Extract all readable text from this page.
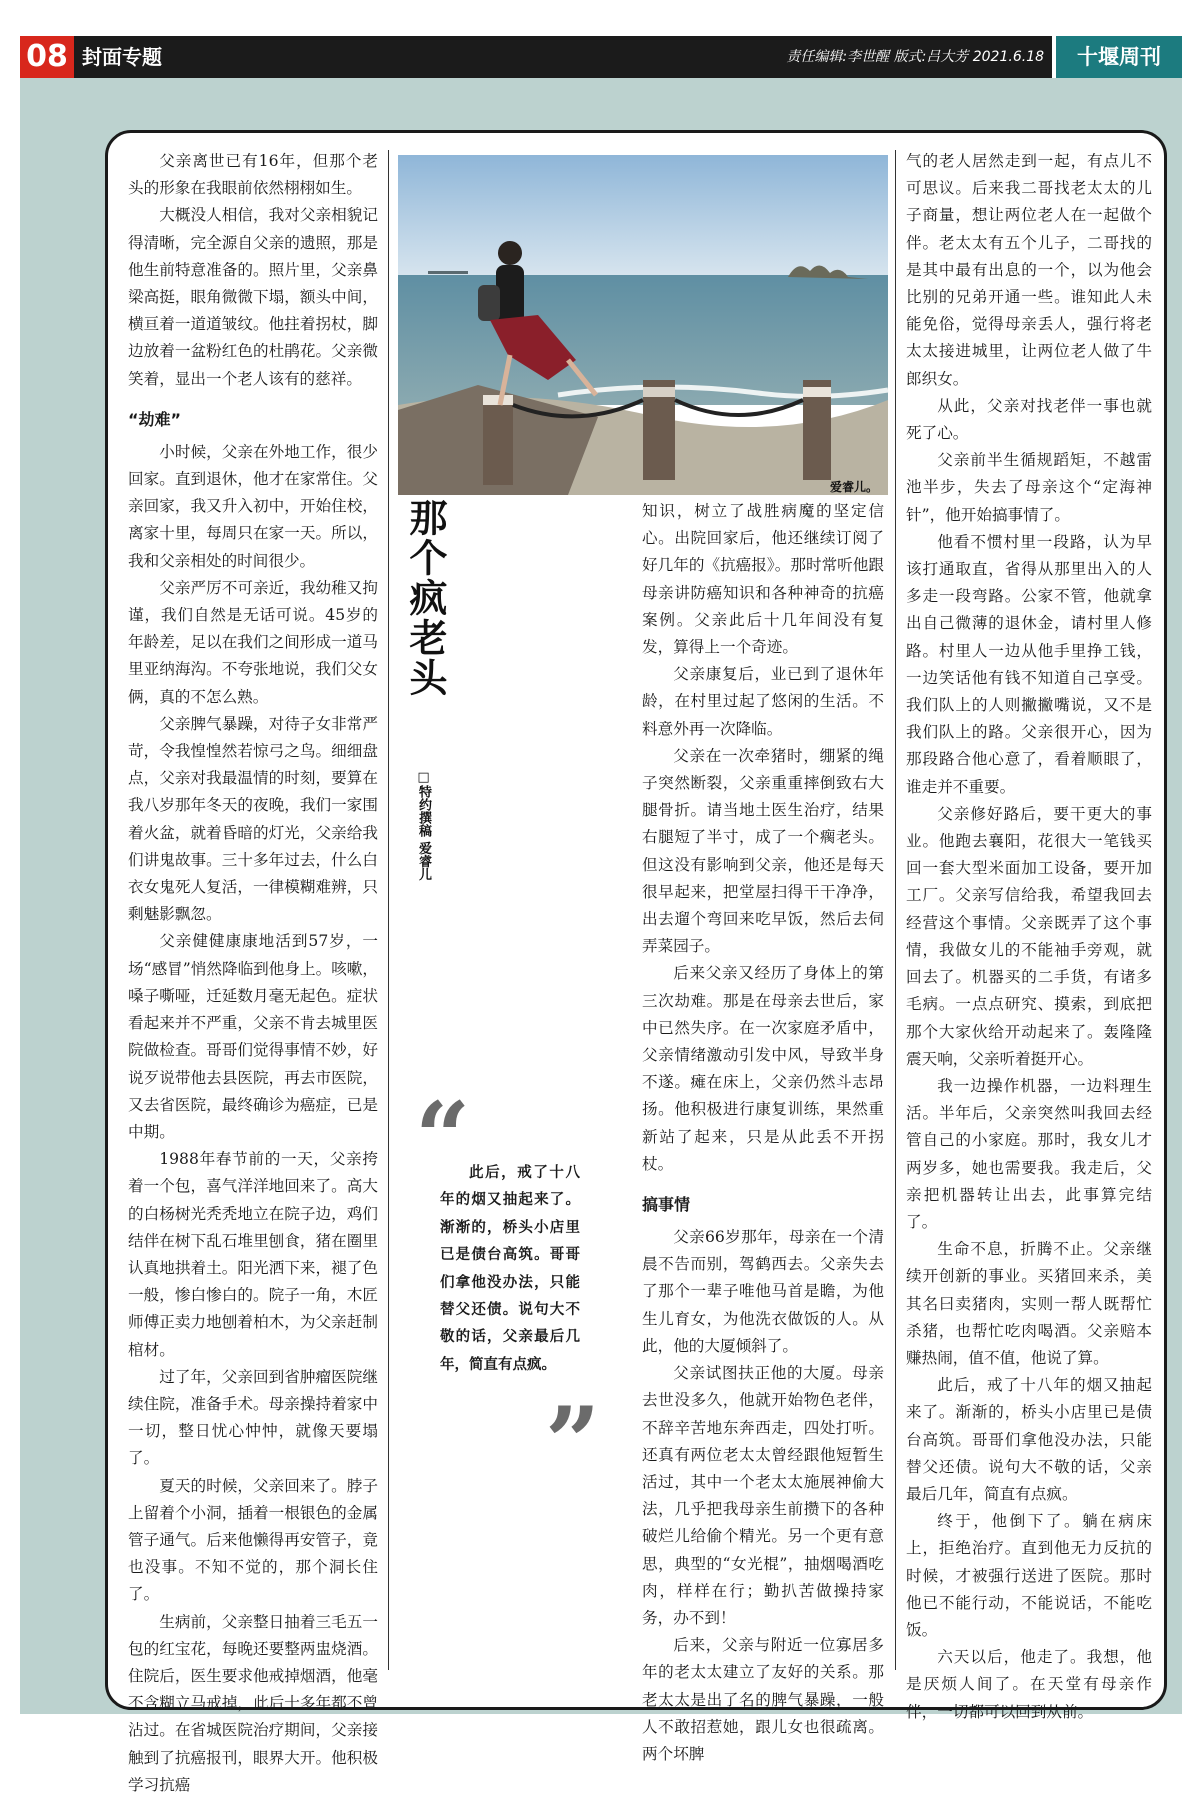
08 封面专题	责任编辑:李世醒 版式:吕大芳 2021.6.18	十堰周刊

父亲离世已有16年，但那个老头的形象在我眼前依然栩栩如生。

大概没人相信，我对父亲相貌记得清晰，完全源自父亲的遗照，那是他生前特意准备的。照片里，父亲鼻梁高挺，眼角微微下塌，额头中间，横亘着一道道皱纹。他拄着拐杖，脚边放着一盆粉红色的杜鹃花。父亲微笑着，显出一个老人该有的慈祥。

“劫难”

小时候，父亲在外地工作，很少回家。直到退休，他才在家常住。父亲回家，我又升入初中，开始住校，离家十里，每周只在家一天。所以，我和父亲相处的时间很少。

父亲严厉不可亲近，我幼稚又拘谨，我们自然是无话可说。45岁的年龄差，足以在我们之间形成一道马里亚纳海沟。不夸张地说，我们父女俩，真的不怎么熟。

父亲脾气暴躁，对待子女非常严苛，令我惶惶然若惊弓之鸟。细细盘点，父亲对我最温情的时刻，要算在我八岁那年冬天的夜晚，我们一家围着火盆，就着昏暗的灯光，父亲给我们讲鬼故事。三十多年过去，什么白衣女鬼死人复活，一律模糊难辨，只剩魅影飘忽。

父亲健健康康地活到57岁，一场“感冒”悄然降临到他身上。咳嗽，嗓子嘶哑，迁延数月毫无起色。症状看起来并不严重，父亲不肯去城里医院做检查。哥哥们觉得事情不妙，好说歹说带他去县医院，再去市医院，又去省医院，最终确诊为癌症，已是中期。

1988年春节前的一天，父亲挎着一个包，喜气洋洋地回来了。高大的白杨树光秃秃地立在院子边，鸡们结伴在树下乱石堆里刨食，猪在圈里认真地拱着土。阳光洒下来，褪了色一般，惨白惨白的。院子一角，木匠师傅正卖力地刨着柏木，为父亲赶制棺材。

过了年，父亲回到省肿瘤医院继续住院，准备手术。母亲操持着家中一切，整日忧心忡忡，就像天要塌了。

夏天的时候，父亲回来了。脖子上留着个小洞，插着一根银色的金属管子通气。后来他懒得再安管子，竟也没事。不知不觉的，那个洞长住了。

生病前，父亲整日抽着三毛五一包的红宝花，每晚还要整两盅烧酒。住院后，医生要求他戒掉烟酒，他毫不含糊立马戒掉，此后十多年都不曾沾过。在省城医院治疗期间，父亲接触到了抗癌报刊，眼界大开。他积极学习抗癌

爱睿儿。
那个疯老头
□特约撰稿 爱睿儿
“
此后，戒了十八年的烟又抽起来了。渐渐的，桥头小店里已是债台高筑。哥哥们拿他没办法，只能替父还债。说句大不敬的话，父亲最后几年，简直有点疯。
”

知识，树立了战胜病魔的坚定信心。出院回家后，他还继续订阅了好几年的《抗癌报》。那时常听他跟母亲讲防癌知识和各种神奇的抗癌案例。父亲此后十几年间没有复发，算得上一个奇迹。

父亲康复后，业已到了退休年龄，在村里过起了悠闲的生活。不料意外再一次降临。

父亲在一次牵猪时，绷紧的绳子突然断裂，父亲重重摔倒致右大腿骨折。请当地土医生治疗，结果右腿短了半寸，成了一个瘸老头。但这没有影响到父亲，他还是每天很早起来，把堂屋扫得干干净净，出去遛个弯回来吃早饭，然后去伺弄菜园子。

后来父亲又经历了身体上的第三次劫难。那是在母亲去世后，家中已然失序。在一次家庭矛盾中，父亲情绪激动引发中风，导致半身不遂。瘫在床上，父亲仍然斗志昂扬。他积极进行康复训练，果然重新站了起来，只是从此丢不开拐杖。

搞事情

父亲66岁那年，母亲在一个清晨不告而别，驾鹤西去。父亲失去了那个一辈子唯他马首是瞻，为他生儿育女，为他洗衣做饭的人。从此，他的大厦倾斜了。

父亲试图扶正他的大厦。母亲去世没多久，他就开始物色老伴，不辞辛苦地东奔西走，四处打听。还真有两位老太太曾经跟他短暂生活过，其中一个老太太施展神偷大法，几乎把我母亲生前攒下的各种破烂儿给偷个精光。另一个更有意思，典型的“女光棍”，抽烟喝酒吃肉，样样在行；勤扒苦做操持家务，办不到！

后来，父亲与附近一位寡居多年的老太太建立了友好的关系。那老太太是出了名的脾气暴躁，一般人不敢招惹她，跟儿女也很疏离。两个坏脾

气的老人居然走到一起，有点儿不可思议。后来我二哥找老太太的儿子商量，想让两位老人在一起做个伴。老太太有五个儿子，二哥找的是其中最有出息的一个，以为他会比别的兄弟开通一些。谁知此人未能免俗，觉得母亲丢人，强行将老太太接进城里，让两位老人做了牛郎织女。

从此，父亲对找老伴一事也就死了心。

父亲前半生循规蹈矩，不越雷池半步，失去了母亲这个“定海神针”，他开始搞事情了。

他看不惯村里一段路，认为早该打通取直，省得从那里出入的人多走一段弯路。公家不管，他就拿出自己微薄的退休金，请村里人修路。村里人一边从他手里挣工钱，一边笑话他有钱不知道自己享受。我们队上的人则撇撇嘴说，又不是我们队上的路。父亲很开心，因为那段路合他心意了，看着顺眼了，谁走并不重要。

父亲修好路后，要干更大的事业。他跑去襄阳，花很大一笔钱买回一套大型米面加工设备，要开加工厂。父亲写信给我，希望我回去经营这个事情。父亲既弄了这个事情，我做女儿的不能袖手旁观，就回去了。机器买的二手货，有诸多毛病。一点点研究、摸索，到底把那个大家伙给开动起来了。轰隆隆震天响，父亲听着挺开心。

我一边操作机器，一边料理生活。半年后，父亲突然叫我回去经管自己的小家庭。那时，我女儿才两岁多，她也需要我。我走后，父亲把机器转让出去，此事算完结了。

生命不息，折腾不止。父亲继续开创新的事业。买猪回来杀，美其名曰卖猪肉，实则一帮人既帮忙杀猪，也帮忙吃肉喝酒。父亲赔本赚热闹，值不值，他说了算。

此后，戒了十八年的烟又抽起来了。渐渐的，桥头小店里已是债台高筑。哥哥们拿他没办法，只能替父还债。说句大不敬的话，父亲最后几年，简直有点疯。

终于，他倒下了。躺在病床上，拒绝治疗。直到他无力反抗的时候，才被强行送进了医院。那时他已不能行动，不能说话，不能吃饭。

六天以后，他走了。我想，他是厌烦人间了。在天堂有母亲作伴，一切都可以回到从前。
